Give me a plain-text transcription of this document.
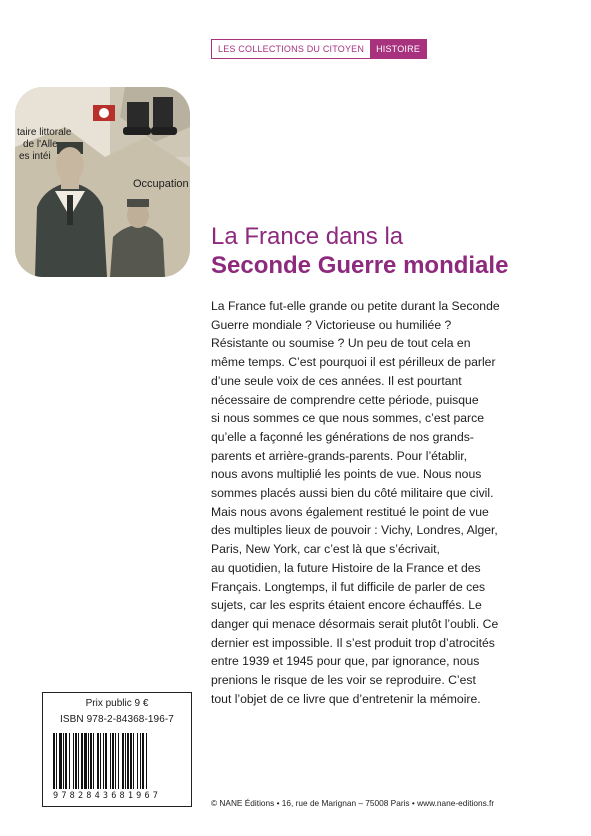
LES COLLECTIONS DU CITOYEN	HISTOIRE
Occupation
taire littorale
de l'Alle
es intéi
La France dans la
Seconde Guerre mondiale

La France fut-elle grande ou petite durant la Seconde
Guerre mondiale ? Victorieuse ou humiliée ?
Résistante ou soumise ? Un peu de tout cela en
même temps. C’est pourquoi il est périlleux de parler
d’une seule voix de ces années. Il est pourtant
nécessaire de comprendre cette période, puisque
si nous sommes ce que nous sommes, c’est parce
qu’elle a façonné les générations de nos grands-
parents et arrière-grands-parents. Pour l’établir,
nous avons multiplié les points de vue. Nous nous
sommes placés aussi bien du côté militaire que civil.
Mais nous avons également restitué le point de vue
des multiples lieux de pouvoir : Vichy, Londres, Alger,
Paris, New York, car c’est là que s’écrivait,
au quotidien, la future Histoire de la France et des
Français. Longtemps, il fut difficile de parler de ces
sujets, car les esprits étaient encore échauffés. Le
danger qui menace désormais serait plutôt l’oubli. Ce
dernier est impossible. Il s’est produit trop d’atrocités
entre 1939 et 1945 pour que, par ignorance, nous
prenions le risque de les voir se reproduire. C’est
tout l’objet de ce livre que d’entretenir la mémoire.

Prix public 9 €
ISBN 978-2-84368-196-7
9782843681967
© NANE Éditions • 16, rue de Marignan – 75008 Paris • www.nane-editions.fr
